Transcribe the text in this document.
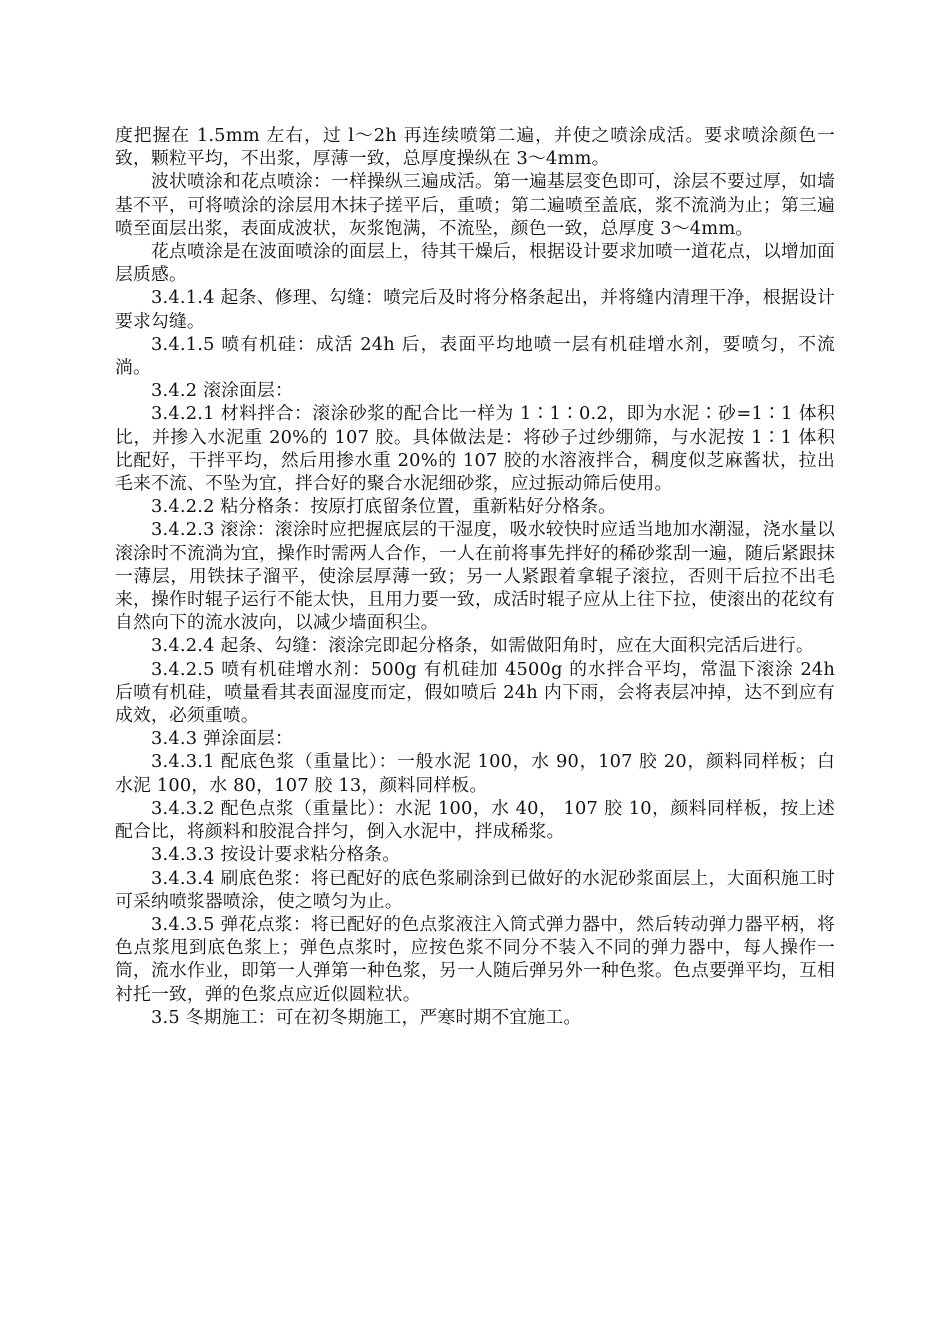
度把握在 1.5mm 左右，过 l～2h 再连续喷第二遍，并使之喷涂成活。要求喷涂颜色一致，颗粒平均，不出浆，厚薄一致，总厚度操纵在 3～4mm。

波状喷涂和花点喷涂：一样操纵三遍成活。第一遍基层变色即可，涂层不要过厚，如墙基不平，可将喷涂的涂层用木抹子搓平后，重喷；第二遍喷至盖底，浆不流淌为止；第三遍喷至面层出浆，表面成波状，灰浆饱满，不流坠，颜色一致，总厚度 3～4mm。

花点喷涂是在波面喷涂的面层上，待其干燥后，根据设计要求加喷一道花点，以增加面层质感。

3.4.1.4 起条、修理、勾缝：喷完后及时将分格条起出，并将缝内清理干净，根据设计要求勾缝。

3.4.1.5 喷有机硅：成活 24h 后，表面平均地喷一层有机硅增水剂，要喷匀，不流淌。

3.4.2 滚涂面层：

3.4.2.1 材料拌合：滚涂砂浆的配合比一样为 1∶1∶0.2，即为水泥∶砂=1∶1 体积比，并掺入水泥重 20%的 107 胶。具体做法是：将砂子过纱绷筛，与水泥按 1∶1 体积比配好，干拌平均，然后用掺水重 20%的 107 胶的水溶液拌合，稠度似芝麻酱状，拉出毛来不流、不坠为宜，拌合好的聚合水泥细砂浆，应过振动筛后使用。

3.4.2.2 粘分格条：按原打底留条位置，重新粘好分格条。

3.4.2.3 滚涂：滚涂时应把握底层的干湿度，吸水较快时应适当地加水潮湿，浇水量以滚涂时不流淌为宜，操作时需两人合作，一人在前将事先拌好的稀砂浆刮一遍，随后紧跟抹一薄层，用铁抹子溜平，使涂层厚薄一致；另一人紧跟着拿辊子滚拉，否则干后拉不出毛来，操作时辊子运行不能太快，且用力要一致，成活时辊子应从上往下拉，使滚出的花纹有自然向下的流水波向，以减少墙面积尘。

3.4.2.4 起条、勾缝：滚涂完即起分格条，如需做阳角时，应在大面积完活后进行。

3.4.2.5 喷有机硅增水剂：500g 有机硅加 4500g 的水拌合平均，常温下滚涂 24h 后喷有机硅，喷量看其表面湿度而定，假如喷后 24h 内下雨，会将表层冲掉，达不到应有成效，必须重喷。

3.4.3 弹涂面层：

3.4.3.1 配底色浆（重量比）：一般水泥 100，水 90，107 胶 20，颜料同样板；白水泥 100，水 80，107 胶 13，颜料同样板。

3.4.3.2 配色点浆（重量比）：水泥 100，水 40， 107 胶 10，颜料同样板，按上述配合比，将颜料和胶混合拌匀，倒入水泥中，拌成稀浆。

3.4.3.3 按设计要求粘分格条。

3.4.3.4 刷底色浆：将已配好的底色浆刷涂到已做好的水泥砂浆面层上，大面积施工时可采纳喷浆器喷涂，使之喷匀为止。

3.4.3.5 弹花点浆：将已配好的色点浆液注入筒式弹力器中，然后转动弹力器平柄，将色点浆甩到底色浆上；弹色点浆时，应按色浆不同分不装入不同的弹力器中，每人操作一筒，流水作业，即第一人弹第一种色浆，另一人随后弹另外一种色浆。色点要弹平均，互相衬托一致，弹的色浆点应近似圆粒状。

3.5 冬期施工：可在初冬期施工，严寒时期不宜施工。
